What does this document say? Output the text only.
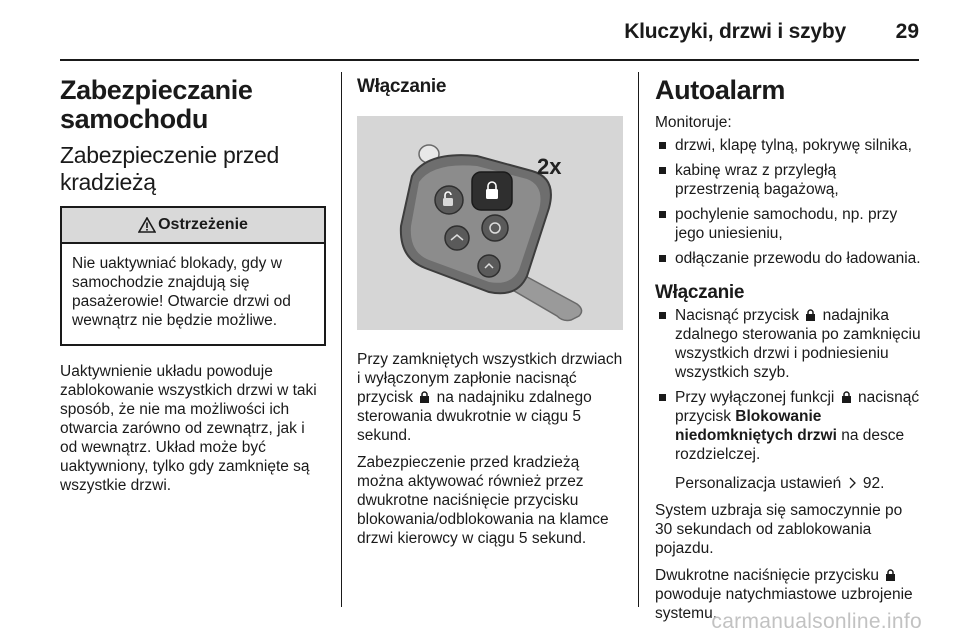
Kluczyki, drzwi i szyby 29
Zabezpieczanie samochodu
Zabezpieczenie przed kradzieżą
Ostrzeżenie
Nie uaktywniać blokady, gdy w samochodzie znajdują się pasażerowie! Otwarcie drzwi od wewnątrz nie będzie możliwe.
Uaktywnienie układu powoduje zablokowanie wszystkich drzwi w taki sposób, że nie ma możliwości ich otwarcia zarówno od zewnątrz, jak i od wewnątrz. Układ może być uaktywniony, tylko gdy zamknięte są wszystkie drzwi.
Włączanie
2x
Przy zamkniętych wszystkich drzwiach i wyłączonym zapłonie nacisnąć przycisk na nadajniku zdalnego sterowania dwukrotnie w ciągu 5 sekund.
Zabezpieczenie przed kradzieżą można aktywować również przez dwukrotne naciśnięcie przycisku blokowania/odblokowania na klamce drzwi kierowcy w ciągu 5 sekund.
Autoalarm
Monitoruje:
drzwi, klapę tylną, pokrywę silnika,
kabinę wraz z przyległą przestrzenią bagażową,
pochylenie samochodu, np. przy jego uniesieniu,
odłączanie przewodu do ładowania.
Włączanie
Nacisnąć przycisk nadajnika zdalnego sterowania po zamknięciu wszystkich drzwi i podniesieniu wszystkich szyb.
Przy wyłączonej funkcji nacisnąć przycisk Blokowanie niedomkniętych drzwi na desce rozdzielczej.
Personalizacja ustawień 92.
System uzbraja się samoczynnie po 30 sekundach od zablokowania pojazdu.
Dwukrotne naciśnięcie przycisku  powoduje natychmiastowe uzbrojenie systemu.
carmanualsonline.info
